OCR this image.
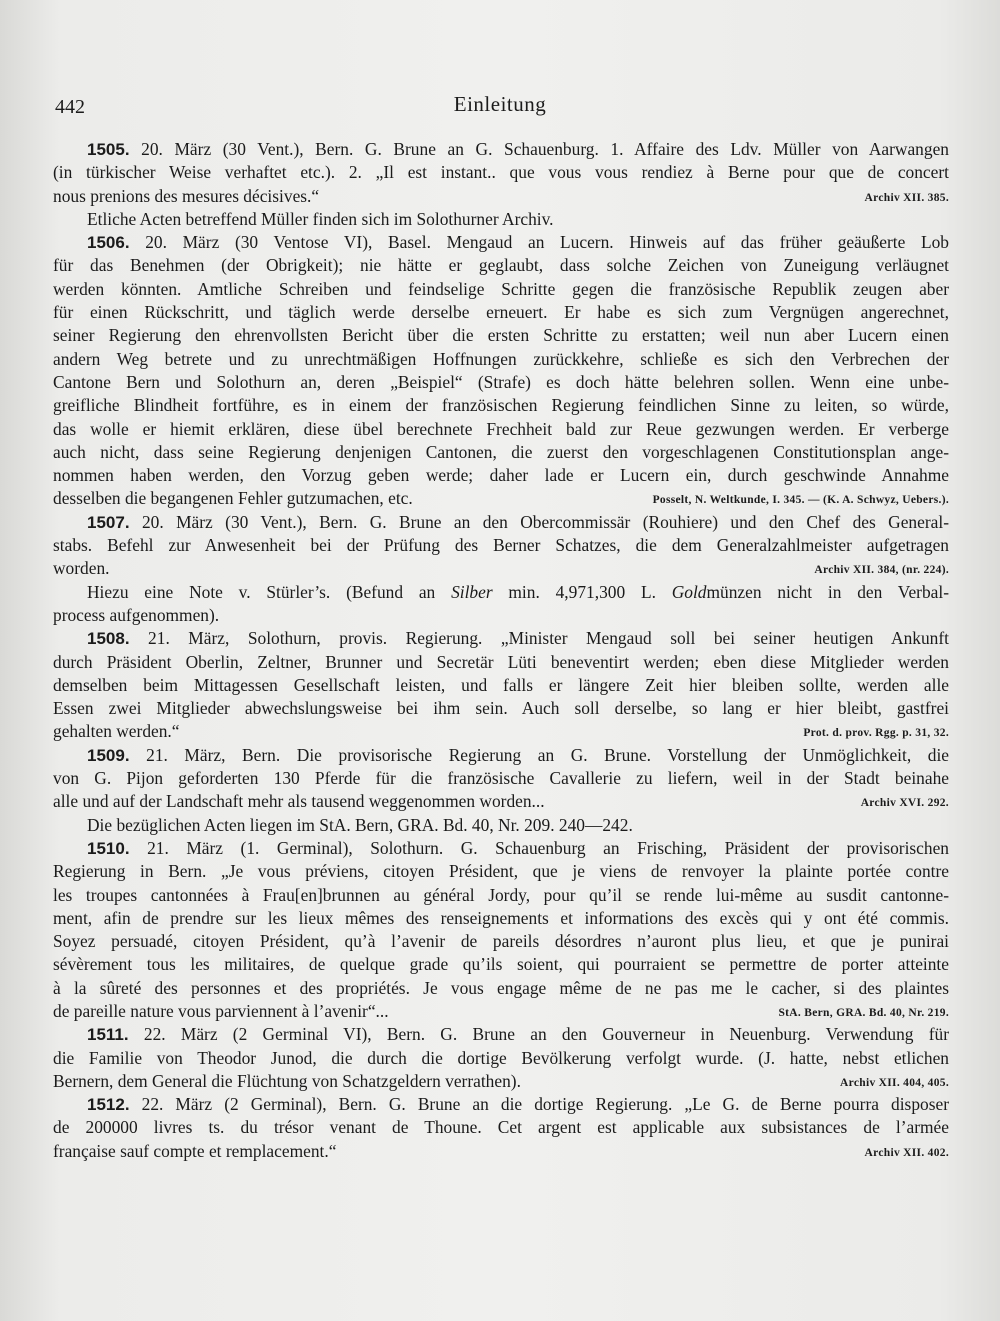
442	Einleitung
1505. 20. März (30 Vent.), Bern. G. Brune an G. Schauenburg. 1. Affaire des Ldv. Müller von Aarwangen
(in türkischer Weise verhaftet etc.). 2. „Il est instant.. que vous vous rendiez à Berne pour que de concert
nous prenions des mesures décisives.“	Archiv XII. 385.
Etliche Acten betreffend Müller finden sich im Solothurner Archiv.
1506. 20. März (30 Ventose VI), Basel. Mengaud an Lucern. Hinweis auf das früher geäußerte Lob
für das Benehmen (der Obrigkeit); nie hätte er geglaubt, dass solche Zeichen von Zuneigung verläugnet
werden könnten. Amtliche Schreiben und feindselige Schritte gegen die französische Republik zeugen aber
für einen Rückschritt, und täglich werde derselbe erneuert. Er habe es sich zum Vergnügen angerechnet,
seiner Regierung den ehrenvollsten Bericht über die ersten Schritte zu erstatten; weil nun aber Lucern einen
andern Weg betrete und zu unrechtmäßigen Hoffnungen zurückkehre, schließe es sich den Verbrechen der
Cantone Bern und Solothurn an, deren „Beispiel“ (Strafe) es doch hätte belehren sollen. Wenn eine unbe-
greifliche Blindheit fortführe, es in einem der französischen Regierung feindlichen Sinne zu leiten, so würde,
das wolle er hiemit erklären, diese übel berechnete Frechheit bald zur Reue gezwungen werden. Er verberge
auch nicht, dass seine Regierung denjenigen Cantonen, die zuerst den vorgeschlagenen Constitutionsplan ange-
nommen haben werden, den Vorzug geben werde; daher lade er Lucern ein, durch geschwinde Annahme
desselben die begangenen Fehler gutzumachen, etc.	Posselt, N. Weltkunde, I. 345. — (K. A. Schwyz, Uebers.).
1507. 20. März (30 Vent.), Bern. G. Brune an den Obercommissär (Rouhiere) und den Chef des General-
stabs. Befehl zur Anwesenheit bei der Prüfung des Berner Schatzes, die dem Generalzahlmeister aufgetragen
worden.	Archiv XII. 384, (nr. 224).
Hiezu eine Note v. Stürler’s. (Befund an Silber min. 4,971,300 L. Goldmünzen nicht in den Verbal-
process aufgenommen).
1508. 21. März, Solothurn, provis. Regierung. „Minister Mengaud soll bei seiner heutigen Ankunft
durch Präsident Oberlin, Zeltner, Brunner und Secretär Lüti beneventirt werden; eben diese Mitglieder werden
demselben beim Mittagessen Gesellschaft leisten, und falls er längere Zeit hier bleiben sollte, werden alle
Essen zwei Mitglieder abwechslungsweise bei ihm sein. Auch soll derselbe, so lang er hier bleibt, gastfrei
gehalten werden.“	Prot. d. prov. Rgg. p. 31, 32.
1509. 21. März, Bern. Die provisorische Regierung an G. Brune. Vorstellung der Unmöglichkeit, die
von G. Pijon geforderten 130 Pferde für die französische Cavallerie zu liefern, weil in der Stadt beinahe
alle und auf der Landschaft mehr als tausend weggenommen worden...	Archiv XVI. 292.
Die bezüglichen Acten liegen im StA. Bern, GRA. Bd. 40, Nr. 209. 240—242.
1510. 21. März (1. Germinal), Solothurn. G. Schauenburg an Frisching, Präsident der provisorischen
Regierung in Bern. „Je vous préviens, citoyen Président, que je viens de renvoyer la plainte portée contre
les troupes cantonnées à Frau[en]brunnen au général Jordy, pour qu’il se rende lui-même au susdit cantonne-
ment, afin de prendre sur les lieux mêmes des renseignements et informations des excès qui y ont été commis.
Soyez persuadé, citoyen Président, qu’à l’avenir de pareils désordres n’auront plus lieu, et que je punirai
sévèrement tous les militaires, de quelque grade qu’ils soient, qui pourraient se permettre de porter atteinte
à la sûreté des personnes et des propriétés. Je vous engage même de ne pas me le cacher, si des plaintes
de pareille nature vous parviennent à l’avenir“...	StA. Bern, GRA. Bd. 40, Nr. 219.
1511. 22. März (2 Germinal VI), Bern. G. Brune an den Gouverneur in Neuenburg. Verwendung für
die Familie von Theodor Junod, die durch die dortige Bevölkerung verfolgt wurde. (J. hatte, nebst etlichen
Bernern, dem General die Flüchtung von Schatzgeldern verrathen).	Archiv XII. 404, 405.
1512. 22. März (2 Germinal), Bern. G. Brune an die dortige Regierung. „Le G. de Berne pourra disposer
de 200000 livres ts. du trésor venant de Thoune. Cet argent est applicable aux subsistances de l’armée
française sauf compte et remplacement.“	Archiv XII. 402.
